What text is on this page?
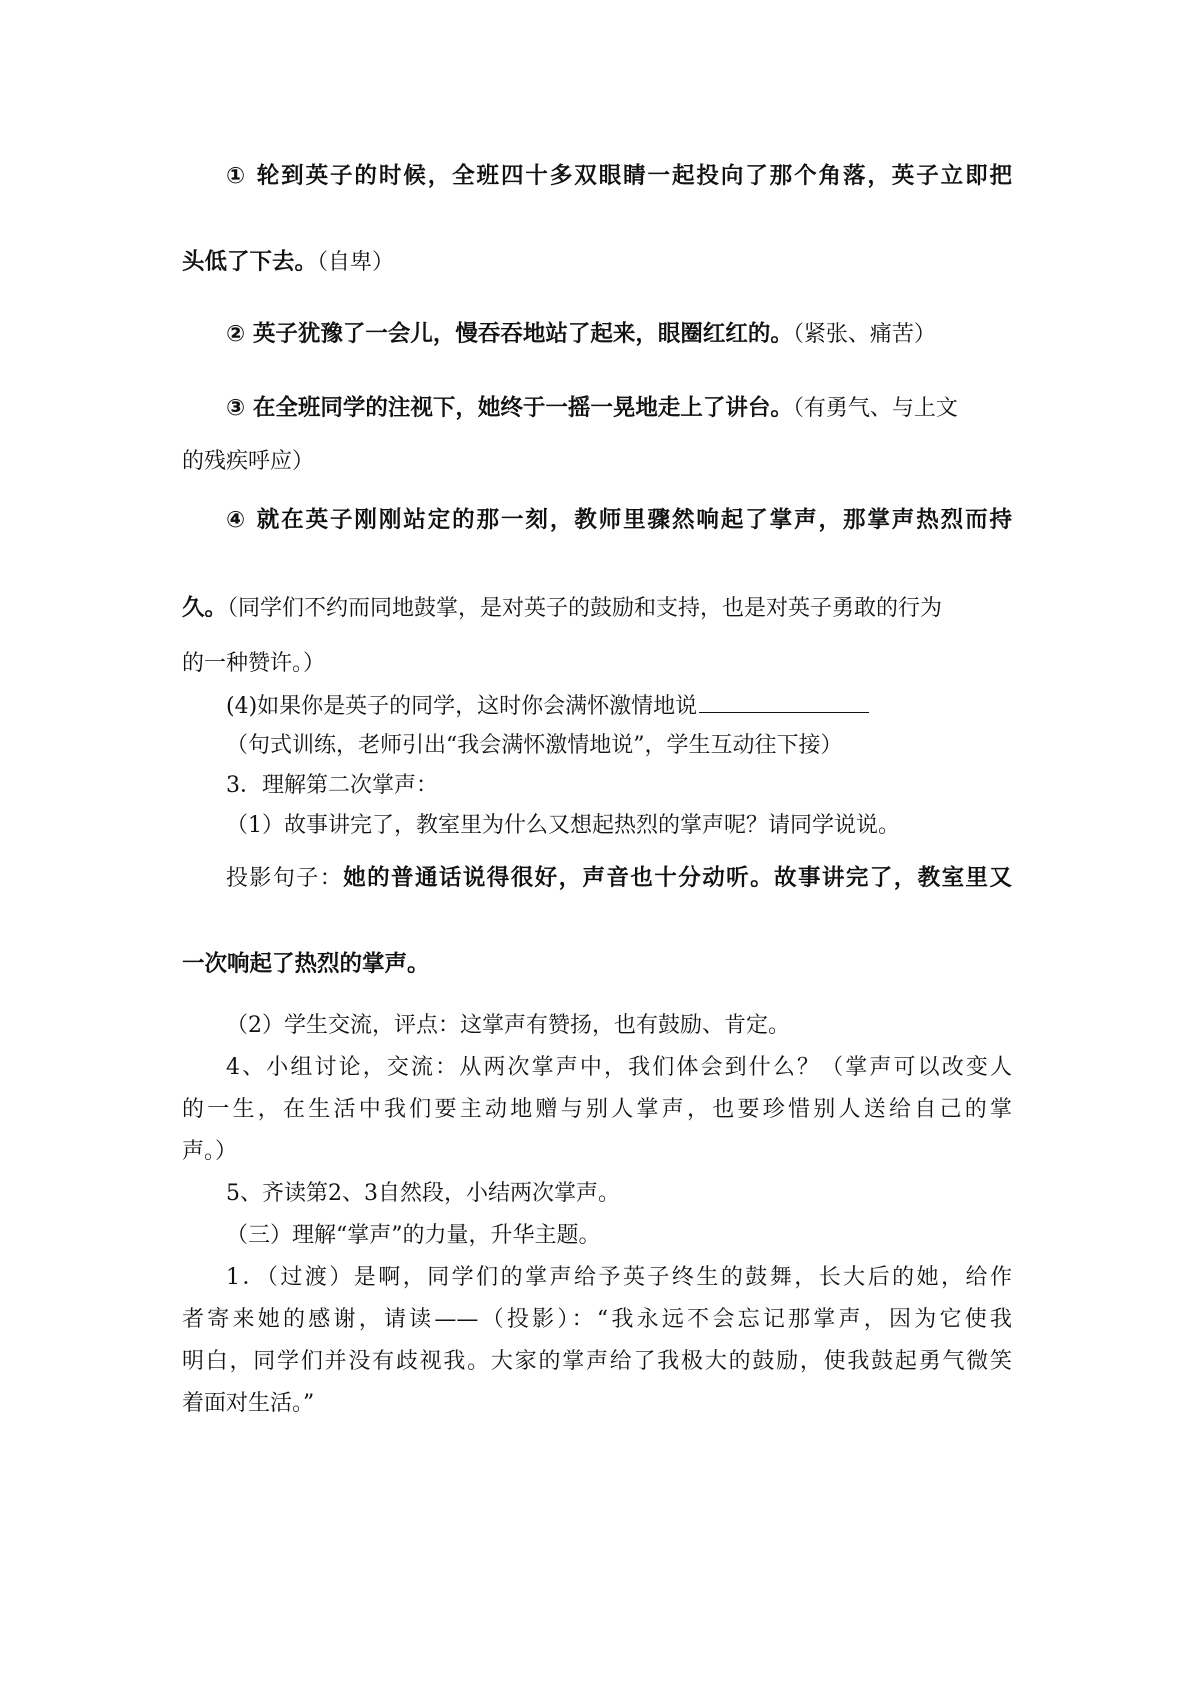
① 轮到英子的时候，全班四十多双眼睛一起投向了那个角落，英子立即把

头低了下去。（自卑）

② 英子犹豫了一会儿，慢吞吞地站了起来，眼圈红红的。（紧张、痛苦）

③ 在全班同学的注视下，她终于一摇一晃地走上了讲台。（有勇气、与上文

的残疾呼应）

④ 就在英子刚刚站定的那一刻，教师里骤然响起了掌声，那掌声热烈而持

久。（同学们不约而同地鼓掌，是对英子的鼓励和支持，也是对英子勇敢的行为

的一种赞许。）

(4)如果你是英子的同学，这时你会满怀激情地说

（句式训练，老师引出“我会满怀激情地说”，学生互动往下接）

3．理解第二次掌声：

（1）故事讲完了，教室里为什么又想起热烈的掌声呢？请同学说说。

投影句子：她的普通话说得很好，声音也十分动听。故事讲完了，教室里又

一次响起了热烈的掌声。

（2）学生交流，评点：这掌声有赞扬，也有鼓励、肯定。

4、小组讨论，交流：从两次掌声中，我们体会到什么？（掌声可以改变人

的一生，在生活中我们要主动地赠与别人掌声，也要珍惜别人送给自己的掌

声。）

5、齐读第2、3自然段，小结两次掌声。

（三）理解“掌声”的力量，升华主题。

1．（过渡）是啊，同学们的掌声给予英子终生的鼓舞，长大后的她，给作

者寄来她的感谢，请读——（投影）：“我永远不会忘记那掌声，因为它使我

明白，同学们并没有歧视我。大家的掌声给了我极大的鼓励，使我鼓起勇气微笑

着面对生活。”
